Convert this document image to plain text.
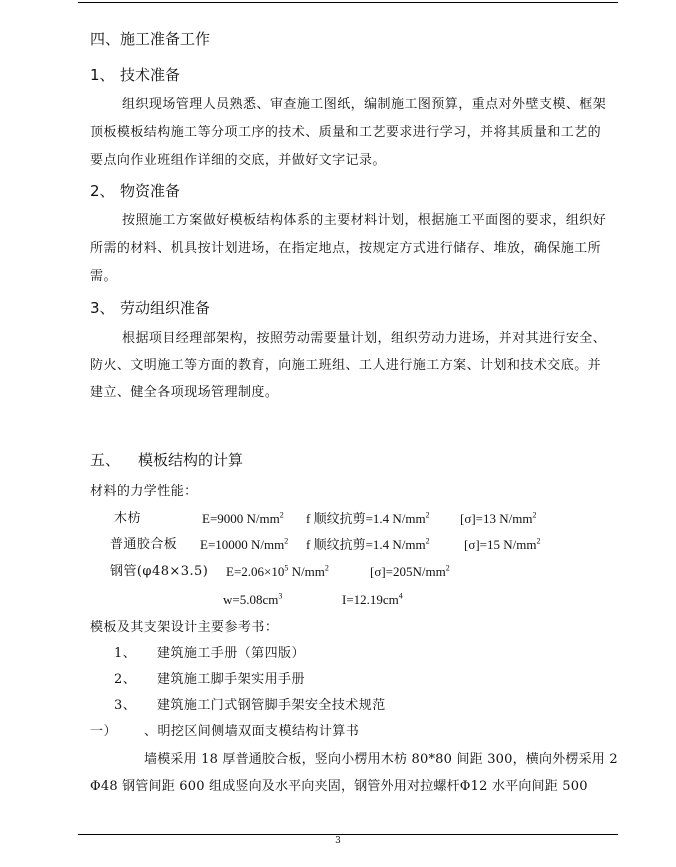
四、施工准备工作
1、 技术准备
组织现场管理人员熟悉、审查施工图纸，编制施工图预算，重点对外壁支模、框架
顶板模板结构施工等分项工序的技术、质量和工艺要求进行学习，并将其质量和工艺的
要点向作业班组作详细的交底，并做好文字记录。
2、 物资准备
按照施工方案做好模板结构体系的主要材料计划，根据施工平面图的要求，组织好
所需的材料、机具按计划进场，在指定地点，按规定方式进行储存、堆放，确保施工所
需。
3、 劳动组织准备
根据项目经理部架构，按照劳动需要量计划，组织劳动力进场，并对其进行安全、
防火、文明施工等方面的教育，向施工班组、工人进行施工方案、计划和技术交底。并
建立、健全各项现场管理制度。
五、 模板结构的计算
材料的力学性能：
木枋	E=9000 $N/mm^2$ f 顺纹抗剪=1.4 $N/mm^2$ [σ]=13 $N/mm^2$
普通胶合板 E=10000 $N/mm^2$ f 顺纹抗剪=1.4 $N/mm^2$	[σ]=15 $N/mm^2$
钢管(φ48×3.5) $E=2.06\times 10^5$ $N/mm^2$	$[\sigma]=205N/mm^2$
$w=5.08cm^3$	$I=12.19cm^4$
模板及其支架设计主要参考书：
1、 建筑施工手册（第四版）
2、 建筑施工脚手架实用手册
3、 建筑施工门式钢管脚手架安全技术规范
一） 、明挖区间侧墙双面支模结构计算书
墙模采用 18 厚普通胶合板，竖向小楞用木枋 80*80 间距 300，横向外楞采用 2
Φ48 钢管间距 600 组成竖向及水平向夹固，钢管外用对拉螺杆Φ12 水平向间距 500
3
